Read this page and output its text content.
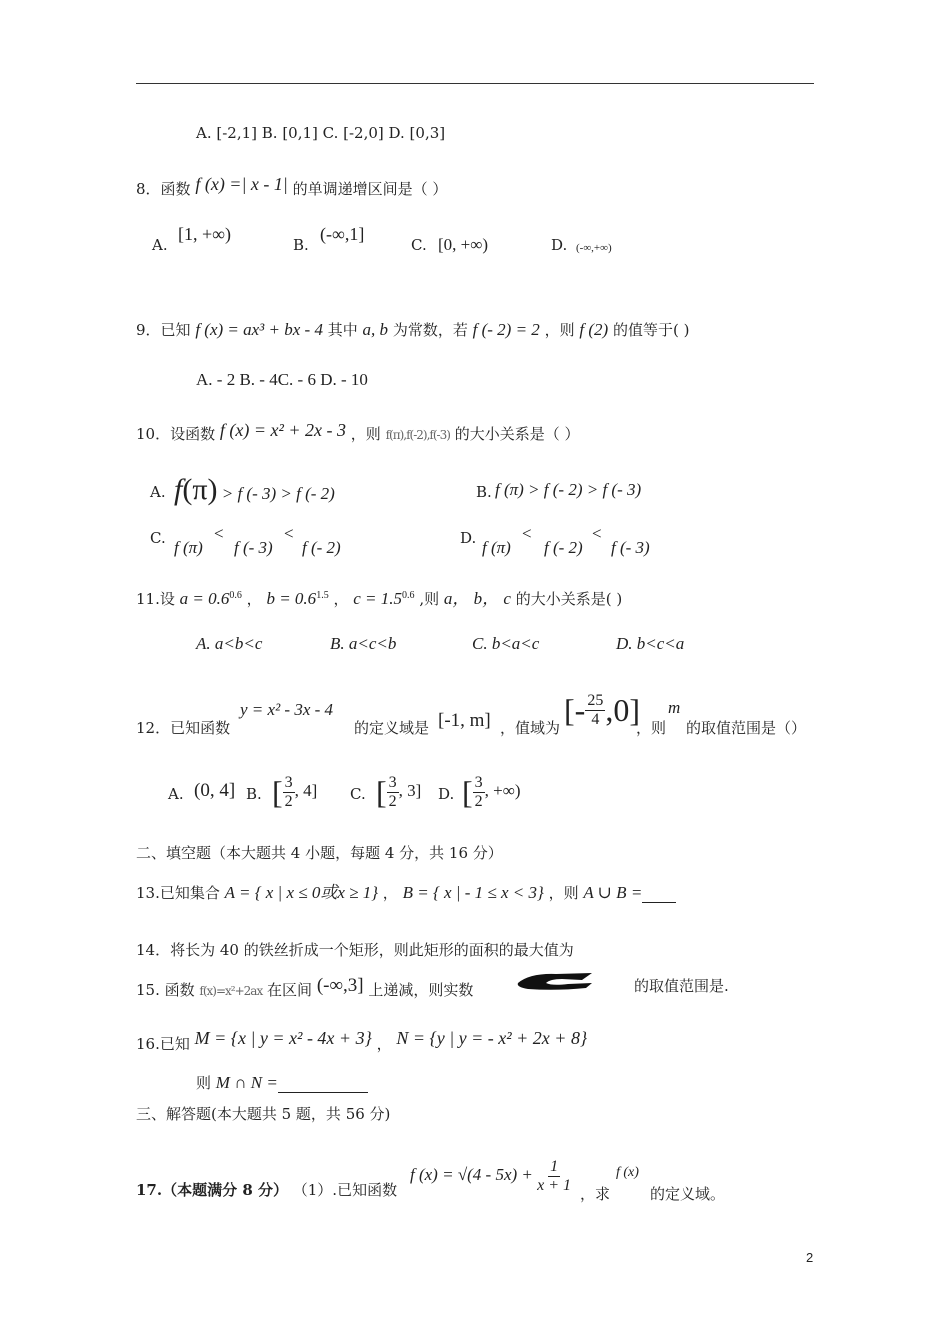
A. [-2,1] B. [0,1] C. [-2,0] D. [0,3]
8．函数 f (x) =| x - 1| 的单调递增区间是（ ）
A.
[1, +∞)
B.
(-∞,1]
C. [0, +∞)	D. (-∞,+∞)
9．已知 f (x) = ax³ + bx - 4 其中 a, b 为常数，若 f (- 2) = 2 ，则 f (2) 的值等于( )
A. - 2 B. - 4C. - 6 D. - 10
10．设函数 f (x) = x² + 2x - 3 ，则 f(π),f(-2),f(-3) 的大小关系是（ ）
A. f(π) > f (- 3) > f (- 2)	B. f (π) > f (- 2) > f (- 3)
C. f (π)
<
f (- 3)
<
f (- 2)	D. f (π)
<
f (- 2)
<
f (- 3)
11.设 $a = 0.6^{0.6}$ ， $b = 0.6^{1.5}$ ， $c = 1.5^{0.6}$ ,则 a， b， c 的大小关系是( )
A. a<b<c	B. a<c<b	C. b<a<c	D. b<c<a
12．已知函数
y = x² - 3x - 4
的定义域是 [-1, m] ，值域为 [- $\frac{25}{4} ,0$]
，则
m
的取值范围是（）
A. (0, 4] B. [ $\frac{3}{2}$ , 4] C. [ $\frac{3}{2}$ , 3] D. [ $\frac{3}{2}$ , +∞)
二、填空题（本大题共 4 小题，每题 4 分，共 16 分）
13.已知集合 A = { x | x ≤ 0或x ≥ 1} ， B = { x | - 1 ≤ x < 3} ，则 A ∪ B =
14．将长为 40 的铁丝折成一个矩形，则此矩形的面积的最大值为
15. 函数 f(x)=x²+2ax 在区间 (-∞,3] 上递减，则实数	的取值范围是.
16.已知 M = {x | y = x² - 4x + 3} ， N = {y | y = - x² + 2x + 8}
则 M ∩ N =
三、解答题(本大题共 5 题，共 56 分)
17.（本题满分 8 分） （1）.已知函数
f $(x) = √(4 - 5x) + \frac{1}{x + 1}$ ，求
f (x)
的定义域。
2
